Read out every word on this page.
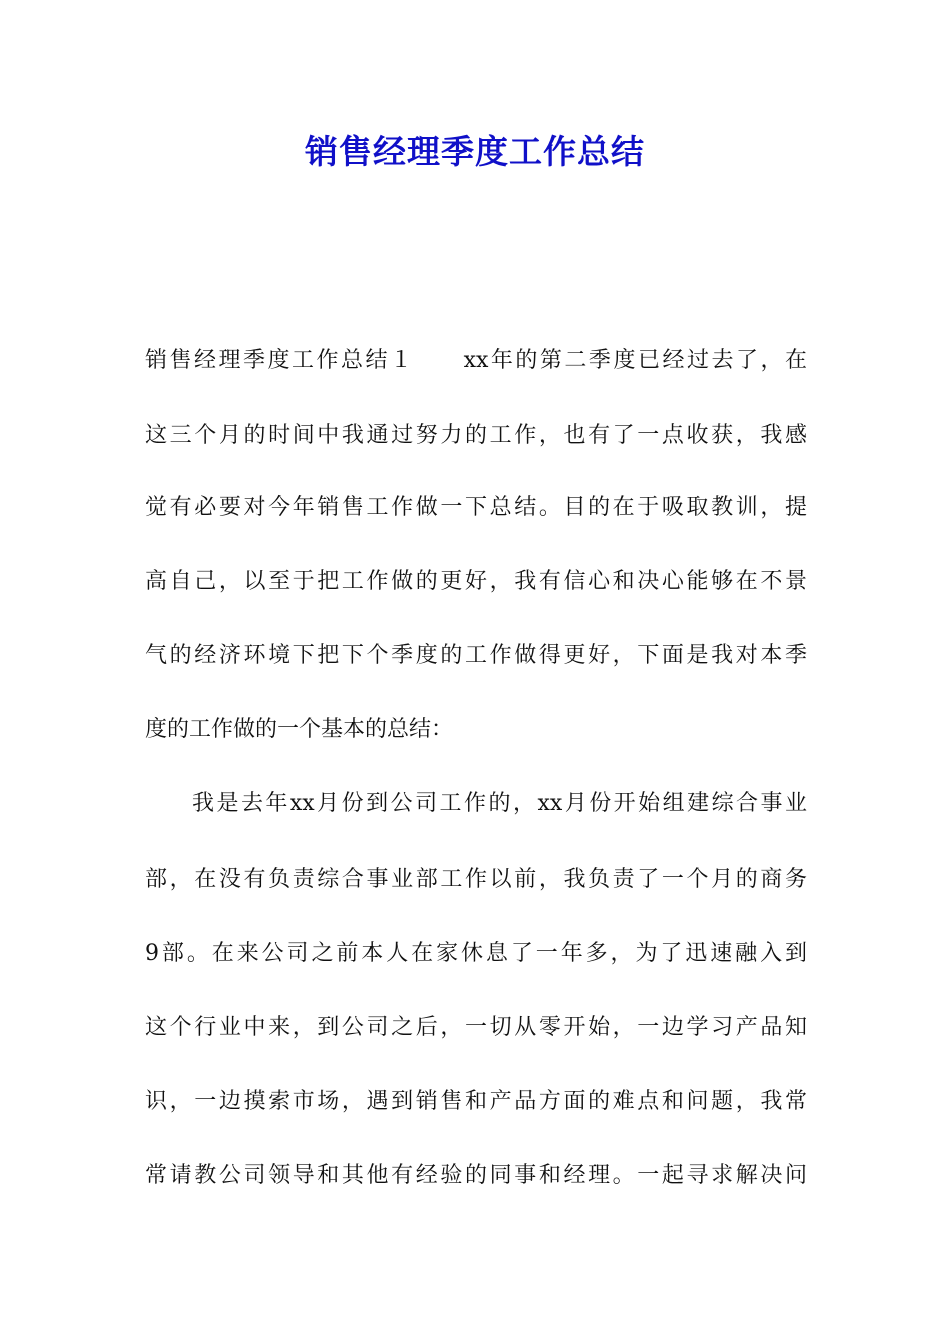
销售经理季度工作总结
销售经理季度工作总结１　　xx年的第二季度已经过去了，在
这三个月的时间中我通过努力的工作，也有了一点收获，我感
觉有必要对今年销售工作做一下总结。目的在于吸取教训，提
高自己，以至于把工作做的更好，我有信心和决心能够在不景
气的经济环境下把下个季度的工作做得更好，下面是我对本季
度的工作做的一个基本的总结：
我是去年xx月份到公司工作的，xx月份开始组建综合事业
部，在没有负责综合事业部工作以前，我负责了一个月的商务
9部。在来公司之前本人在家休息了一年多，为了迅速融入到
这个行业中来，到公司之后，一切从零开始，一边学习产品知
识，一边摸索市场，遇到销售和产品方面的难点和问题，我常
常请教公司领导和其他有经验的同事和经理。一起寻求解决问
